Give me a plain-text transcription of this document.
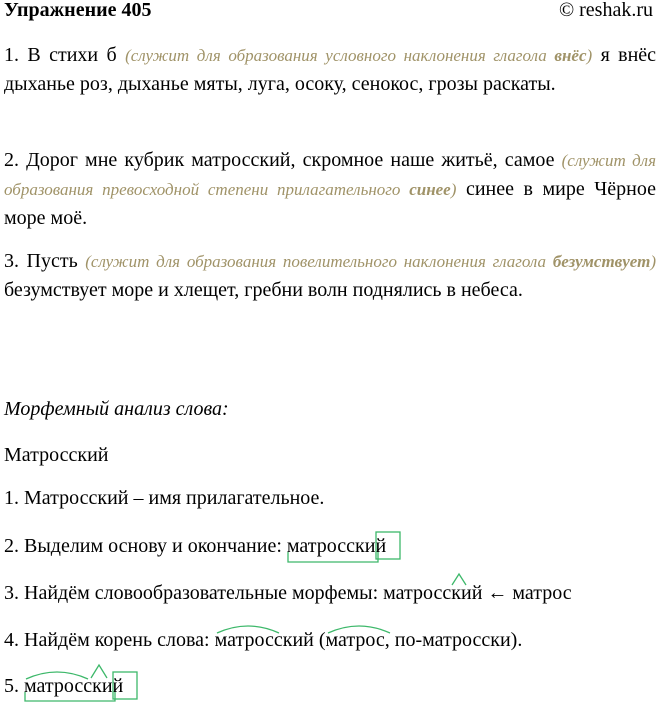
Упражнение 405	© reshak.ru
1. В стихи б (служит для образования условного наклонения глагола внёс) я внёс дыханье роз, дыханье мяты, луга, осоку, сенокос, грозы раскаты.
2. Дорог мне кубрик матросский, скромное наше житьё, самое (служит для образования превосходной степени прилагательного синее) синее в мире Чёрное море моё.
3. Пусть (служит для образования повелительного наклонения глагола безумствует) безумствует море и хлещет, гребни волн поднялись в небеса.
Морфемный анализ слова:
Матросский
1. Матросский – имя прилагательное.
2. Выделим основу и окончание: матросский
3. Найдём словообразовательные морфемы: матросский
← матрос
4. Найдём корень слова: матросский
(матрос
, по-матросски).
5. матросский
